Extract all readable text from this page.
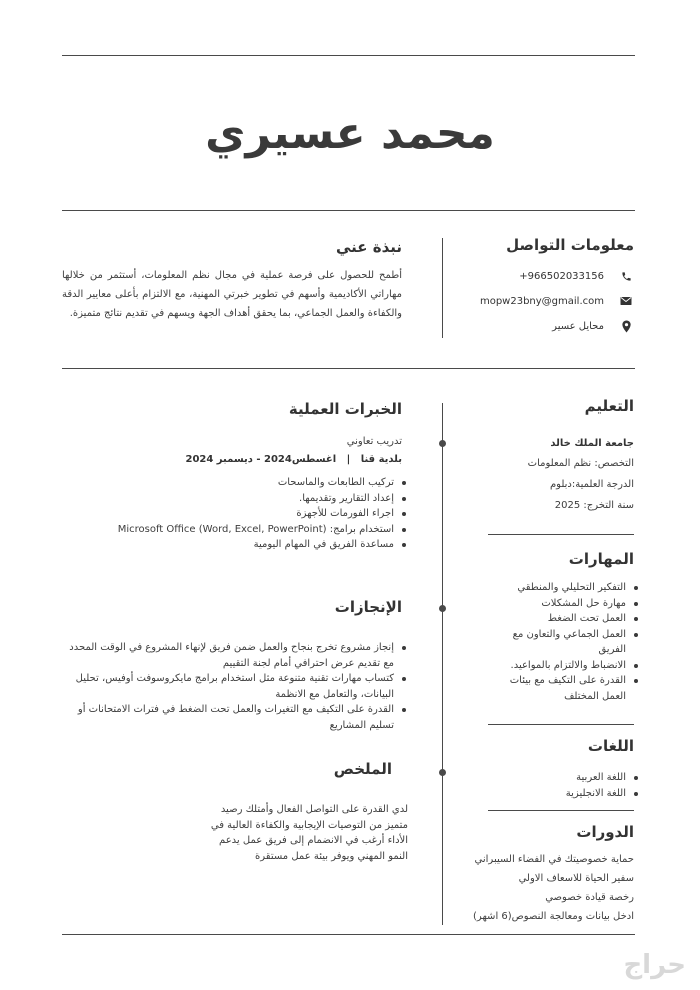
محمد عسيري
نبذة عني
أطمح للحصول على فرصة عملية في مجال نظم المعلومات، أستثمر من خلالها مهاراتي الأكاديمية وأسهم في تطوير خبرتي المهنية، مع الالتزام بأعلى معايير الدقة والكفاءة والعمل الجماعي، بما يحقق أهداف الجهة ويسهم في تقديم نتائج متميزة.
معلومات التواصل
+966502033156
mopw23bny@gmail.com
محايل عسير
التعليم
جامعة الملك خالد
التخصص: نظم المعلومات
الدرجة العلمية:دبلوم
سنة التخرج: 2025
المهارات
التفكير التحليلي والمنطقي
مهارة حل المشكلات
العمل تحت الضغط
العمل الجماعي والتعاون مع الفريق
الانضباط والالتزام بالمواعيد.
القدرة على التكيف مع بيئات العمل المختلف
اللغات
اللغة العربية
اللغة الانجليزية
الدورات
حماية خصوصيتك في الفضاء السيبراني
سفير الحياة للاسعاف الاولي
رخصة قيادة خصوصي
ادخل بيانات ومعالجة النصوص(6 اشهر)
الخبرات العملية
تدريب تعاوني
بلدية قنا   |   اغسطس2024 - ديسمبر 2024
تركيب الطابعات والماسحات
إعداد التقارير وتقديمها.
اجراء الفورمات للأجهزة
استخدام برامج: Microsoft Office (Word, Excel, PowerPoint)
مساعدة الفريق في المهام اليومية
الإنجازات
إنجاز مشروع تخرج بنجاح والعمل ضمن فريق لإنهاء المشروع في الوقت المحدد مع تقديم عرض احترافي أمام لجنة التقييم
كتساب مهارات تقنية متنوعة مثل استخدام برامج مايكروسوفت أوفيس، تحليل البيانات، والتعامل مع الانظمة
القدرة على التكيف مع التغيرات والعمل تحت الضغط في فترات الامتحانات أو تسليم المشاريع
الملخص
لدي القدرة على التواصل الفعال وأمتلك رصيد متميز من التوصيات الإيجابية والكفاءة العالية في الأداء أرغب في الانضمام إلى فريق عمل يدعم النمو المهني ويوفر بيئة عمل مستقرة
حراج
